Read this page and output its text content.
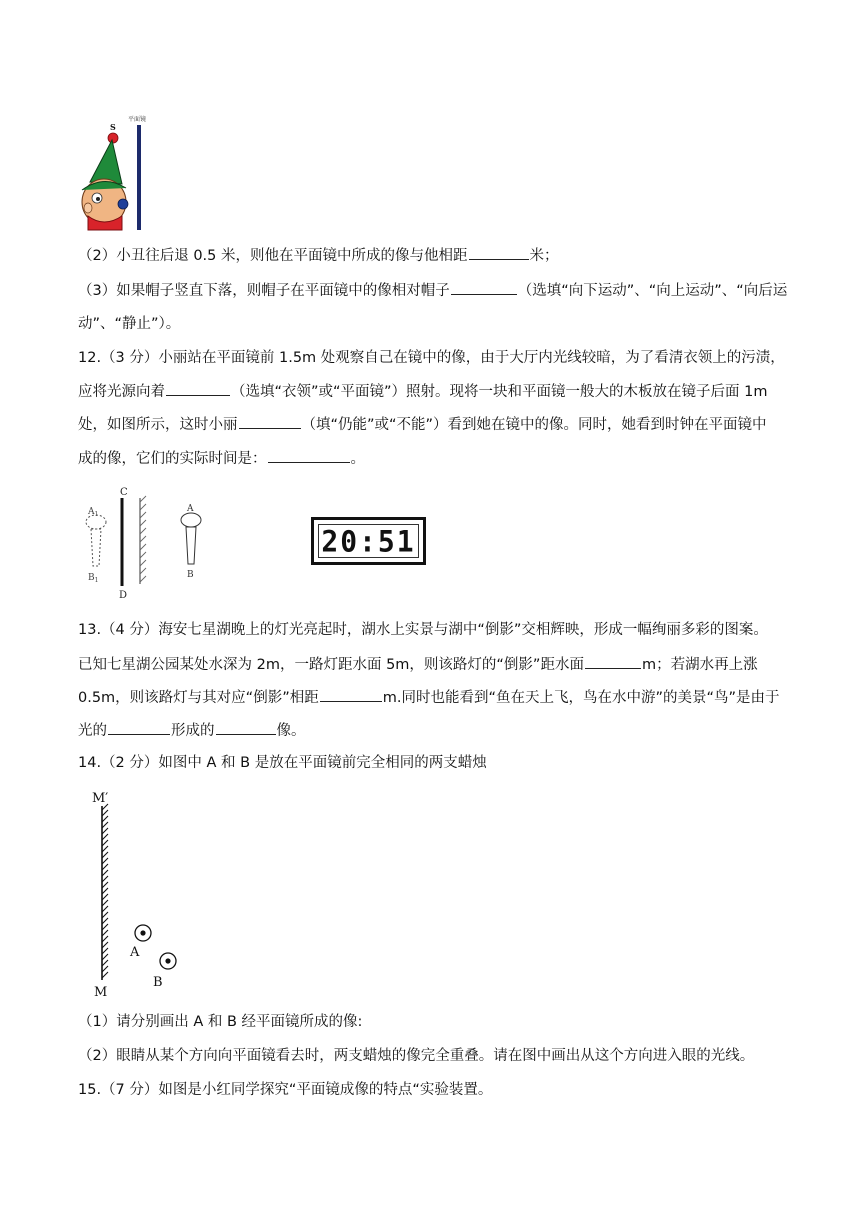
平面镜
S
（2）小丑往后退 0.5 米，则他在平面镜中所成的像与他相距	米；
（3）如果帽子竖直下落，则帽子在平面镜中的像相对帽子	（选填“向下运动”、“向上运动”、“向后运
动”、“静止”）。
12.（3 分）小丽站在平面镜前 1.5m 处观察自己在镜中的像，由于大厅内光线较暗，为了看清衣领上的污渍，
应将光源向着	（选填“衣领”或“平面镜”）照射。现将一块和平面镜一般大的木板放在镜子后面 1m
处，如图所示，这时小丽	（填“仍能”或“不能”）看到她在镜中的像。同时，她看到时钟在平面镜中
成的像，它们的实际时间是：	。
C
D
$A_1$
$B_1$
A
B
20:51
13.（4 分）海安七星湖晚上的灯光亮起时，湖水上实景与湖中“倒影”交相辉映，形成一幅绚丽多彩的图案。
已知七星湖公园某处水深为 2m，一路灯距水面 5m，则该路灯的“倒影”距水面	m；若湖水再上涨
0.5m，则该路灯与其对应“倒影”相距	m.同时也能看到“鱼在天上飞，鸟在水中游”的美景“鸟”是由于
光的	形成的	像。
14.（2 分）如图中 A 和 B 是放在平面镜前完全相同的两支蜡烛
M′
M
A
B
（1）请分别画出 A 和 B 经平面镜所成的像:
（2）眼睛从某个方向向平面镜看去时，两支蜡烛的像完全重叠。请在图中画出从这个方向进入眼的光线。
15.（7 分）如图是小红同学探究“平面镜成像的特点“实验装置。
